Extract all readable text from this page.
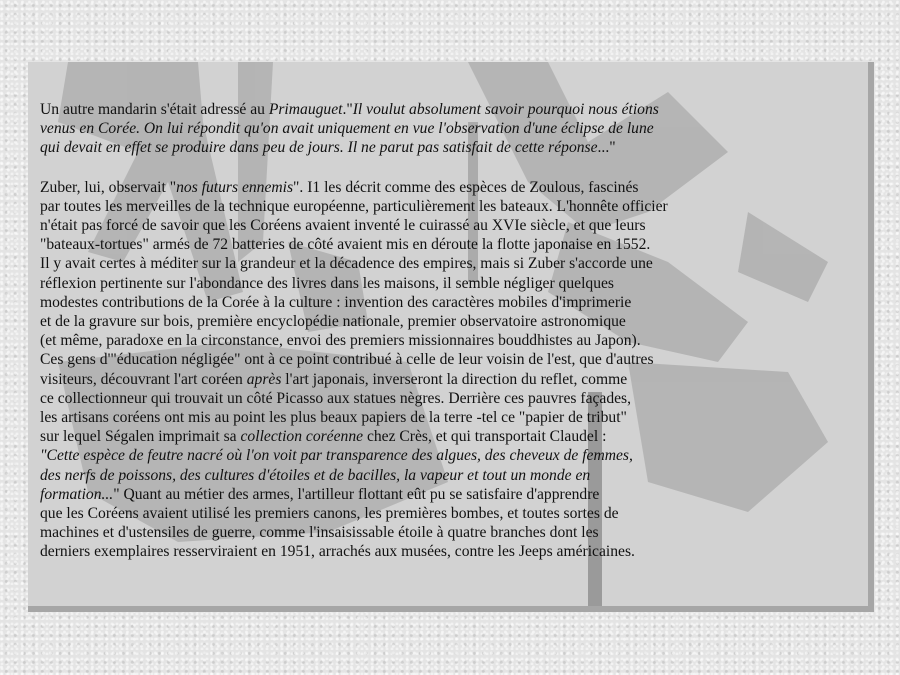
Un autre mandarin s'était adressé au Primauguet."Il voulut absolument savoir pourquoi nous étions
venus en Corée. On lui répondit qu'on avait uniquement en vue l'observation d'une éclipse de lune
qui devait en effet se produire dans peu de jours. Il ne parut pas satisfait de cette réponse..."
Zuber, lui, observait "nos futurs ennemis". I1 les décrit comme des espèces de Zoulous, fascinés
par toutes les merveilles de la technique européenne, particulièrement les bateaux. L'honnête officier
n'était pas forcé de savoir que les Coréens avaient inventé le cuirassé au XVIe siècle, et que leurs
"bateaux-tortues" armés de 72 batteries de côté avaient mis en déroute la flotte japonaise en 1552.
Il y avait certes à méditer sur la grandeur et la décadence des empires, mais si Zuber s'accorde une
réflexion pertinente sur l'abondance des livres dans les maisons, il semble négliger quelques
modestes contributions de la Corée à la culture : invention des caractères mobiles d'imprimerie
et de la gravure sur bois, première encyclopédie nationale, premier observatoire astronomique
(et même, paradoxe en la circonstance, envoi des premiers missionnaires bouddhistes au Japon).
Ces gens d'"éducation négligée" ont à ce point contribué à celle de leur voisin de l'est, que d'autres
visiteurs, découvrant l'art coréen après l'art japonais, inverseront la direction du reflet, comme
ce collectionneur qui trouvait un côté Picasso aux statues nègres. Derrière ces pauvres façades,
les artisans coréens ont mis au point les plus beaux papiers de la terre -tel ce "papier de tribut"
sur lequel Ségalen imprimait sa collection coréenne chez Crès, et qui transportait Claudel :
"Cette espèce de feutre nacré où l'on voit par transparence des algues, des cheveux de femmes,
des nerfs de poissons, des cultures d'étoiles et de bacilles, la vapeur et tout un monde en
formation..." Quant au métier des armes, l'artilleur flottant eût pu se satisfaire d'apprendre
que les Coréens avaient utilisé les premiers canons, les premières bombes, et toutes sortes de
machines et d'ustensiles de guerre, comme l'insaisissable étoile à quatre branches dont les
derniers exemplaires resserviraient en 1951, arrachés aux musées, contre les Jeeps américaines.
